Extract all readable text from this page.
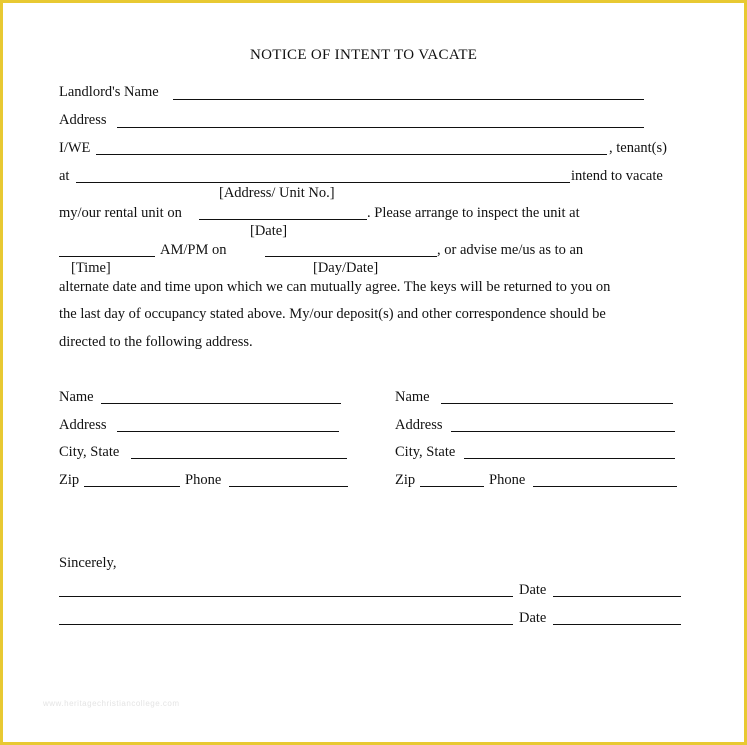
NOTICE OF INTENT TO VACATE
Landlord's Name
Address
I/WE	, tenant(s)
at	intend to vacate
[Address/ Unit No.]
my/our rental unit on	. Please arrange to inspect the unit at
[Date]
AM/PM on	, or advise me/us as to an
[Time]	[Day/Date]
alternate date and time upon which we can mutually agree. The keys will be returned to you on
the last day of occupancy stated above. My/our deposit(s) and other correspondence should be
directed to the following address.
Name
Address
City, State
Zip	Phone
Name
Address
City, State
Zip	Phone
Sincerely,
Date
Date
www.heritagechristiancollege.com
